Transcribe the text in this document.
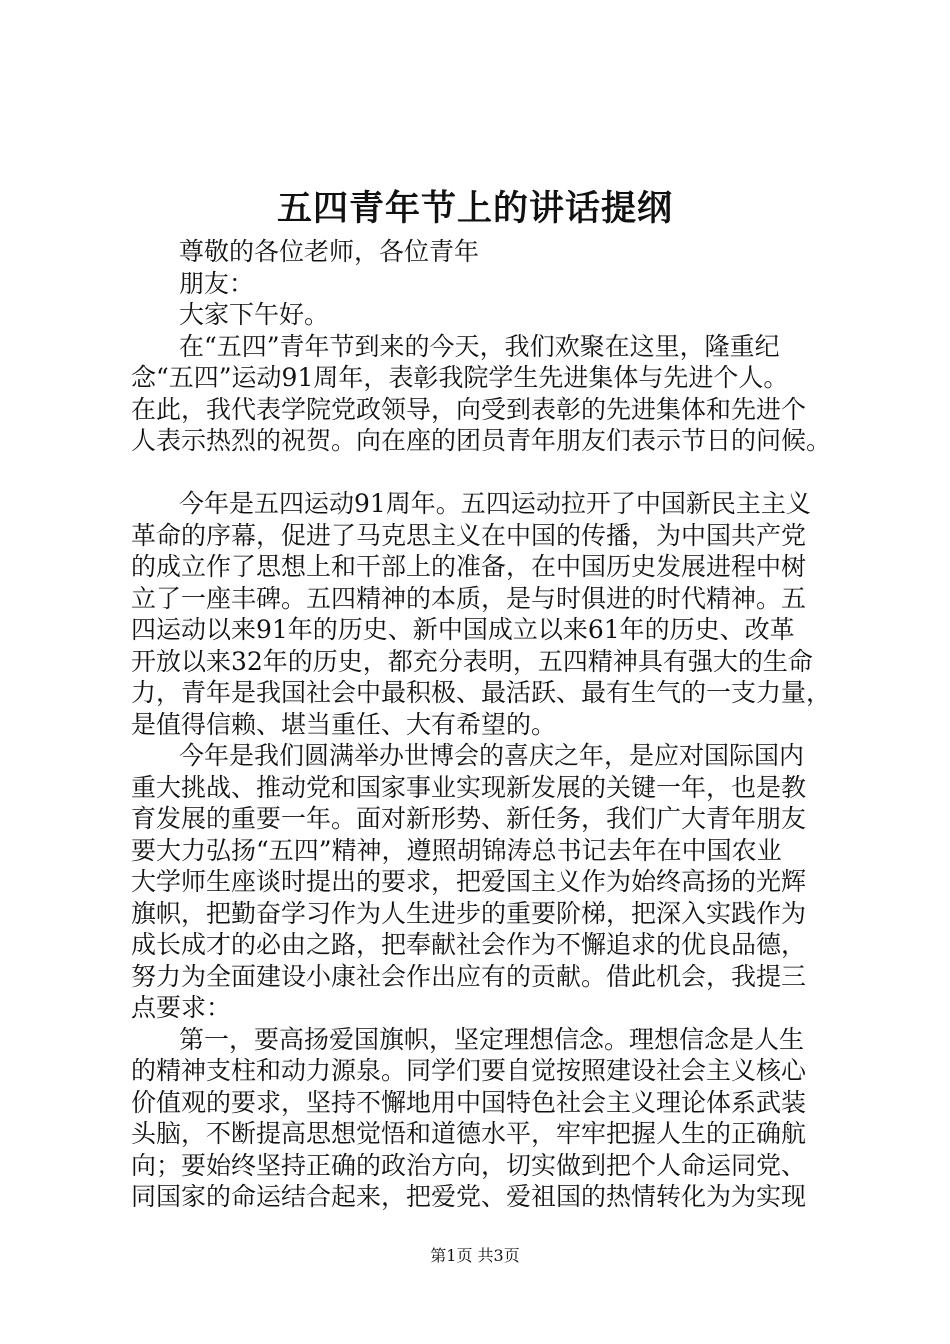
五四青年节上的讲话提纲
尊敬的各位老师，各位青年
朋友：
大家下午好。
在“五四”青年节到来的今天，我们欢聚在这里，隆重纪
念“五四”运动91周年，表彰我院学生先进集体与先进个人。
在此，我代表学院党政领导，向受到表彰的先进集体和先进个
人表示热烈的祝贺。向在座的团员青年朋友们表示节日的问候。
今年是五四运动91周年。五四运动拉开了中国新民主主义
革命的序幕，促进了马克思主义在中国的传播，为中国共产党
的成立作了思想上和干部上的准备，在中国历史发展进程中树
立了一座丰碑。五四精神的本质，是与时俱进的时代精神。五
四运动以来91年的历史、新中国成立以来61年的历史、改革
开放以来32年的历史，都充分表明，五四精神具有强大的生命
力，青年是我国社会中最积极、最活跃、最有生气的一支力量，
是值得信赖、堪当重任、大有希望的。
今年是我们圆满举办世博会的喜庆之年，是应对国际国内
重大挑战、推动党和国家事业实现新发展的关键一年，也是教
育发展的重要一年。面对新形势、新任务，我们广大青年朋友
要大力弘扬“五四”精神，遵照胡锦涛总书记去年在中国农业
大学师生座谈时提出的要求，把爱国主义作为始终高扬的光辉
旗帜，把勤奋学习作为人生进步的重要阶梯，把深入实践作为
成长成才的必由之路，把奉献社会作为不懈追求的优良品德，
努力为全面建设小康社会作出应有的贡献。借此机会，我提三
点要求：
第一，要高扬爱国旗帜，坚定理想信念。理想信念是人生
的精神支柱和动力源泉。同学们要自觉按照建设社会主义核心
价值观的要求，坚持不懈地用中国特色社会主义理论体系武装
头脑，不断提高思想觉悟和道德水平，牢牢把握人生的正确航
向；要始终坚持正确的政治方向，切实做到把个人命运同党、
同国家的命运结合起来，把爱党、爱祖国的热情转化为为实现
第1页 共3页
